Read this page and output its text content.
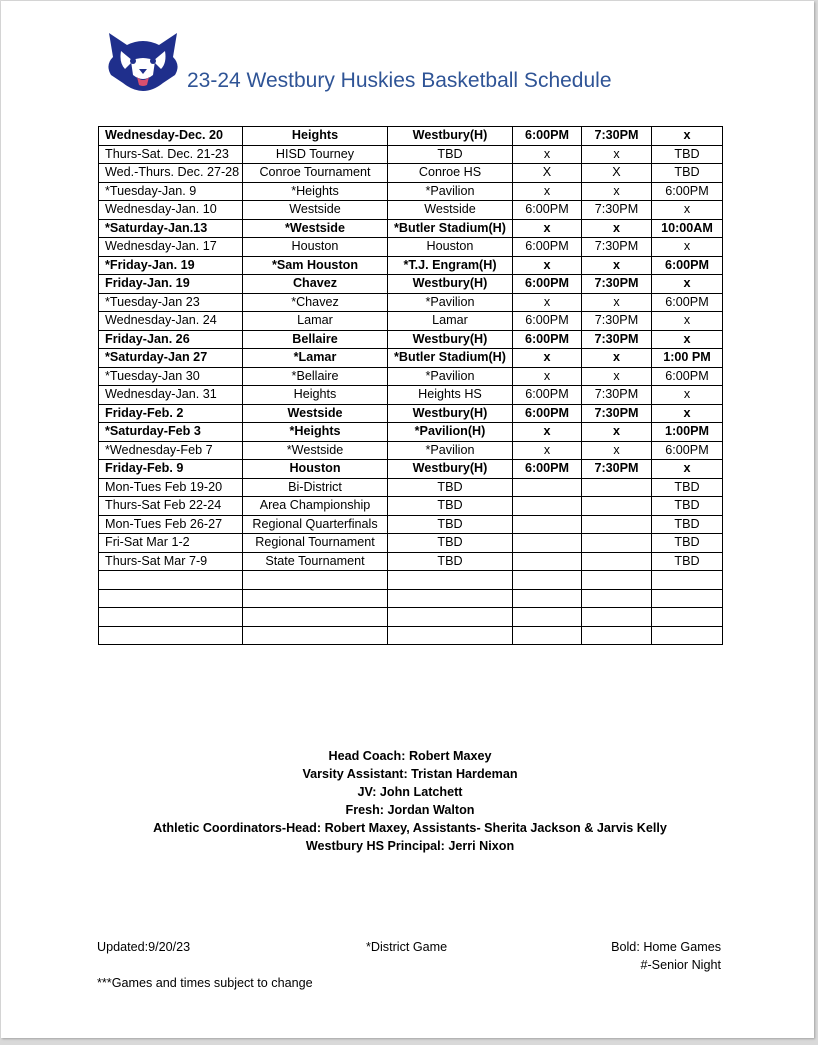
23-24 Westbury Huskies Basketball Schedule
Wednesday-Dec. 20	Heights	Westbury(H)	6:00PM	7:30PM	x
Thurs-Sat. Dec. 21-23	HISD Tourney	TBD	x	x	TBD
Wed.-Thurs. Dec. 27-28	Conroe Tournament	Conroe HS	X	X	TBD
*Tuesday-Jan. 9	*Heights	*Pavilion	x	x	6:00PM
Wednesday-Jan. 10	Westside	Westside	6:00PM	7:30PM	x
*Saturday-Jan.13	*Westside	*Butler Stadium(H)	x	x	10:00AM
Wednesday-Jan. 17	Houston	Houston	6:00PM	7:30PM	x
*Friday-Jan. 19	*Sam Houston	*T.J. Engram(H)	x	x	6:00PM
Friday-Jan. 19	Chavez	Westbury(H)	6:00PM	7:30PM	x
*Tuesday-Jan 23	*Chavez	*Pavilion	x	x	6:00PM
Wednesday-Jan. 24	Lamar	Lamar	6:00PM	7:30PM	x
Friday-Jan. 26	Bellaire	Westbury(H)	6:00PM	7:30PM	x
*Saturday-Jan 27	*Lamar	*Butler Stadium(H)	x	x	1:00 PM
*Tuesday-Jan 30	*Bellaire	*Pavilion	x	x	6:00PM
Wednesday-Jan. 31	Heights	Heights HS	6:00PM	7:30PM	x
Friday-Feb. 2	Westside	Westbury(H)	6:00PM	7:30PM	x
*Saturday-Feb 3	*Heights	*Pavilion(H)	x	x	1:00PM
*Wednesday-Feb 7	*Westside	*Pavilion	x	x	6:00PM
Friday-Feb. 9	Houston	Westbury(H)	6:00PM	7:30PM	x
Mon-Tues Feb 19-20	Bi-District	TBD			TBD
Thurs-Sat Feb 22-24	Area Championship	TBD			TBD
Mon-Tues Feb 26-27	Regional Quarterfinals	TBD			TBD
Fri-Sat Mar 1-2	Regional Tournament	TBD			TBD
Thurs-Sat Mar 7-9	State Tournament	TBD			TBD

Head Coach: Robert Maxey
Varsity Assistant: Tristan Hardeman
JV: John Latchett
Fresh: Jordan Walton
Athletic Coordinators-Head: Robert Maxey, Assistants- Sherita Jackson & Jarvis Kelly
Westbury HS Principal: Jerri Nixon
Updated:9/20/23	*District Game	Bold: Home Games
#-Senior Night
***Games and times subject to change
